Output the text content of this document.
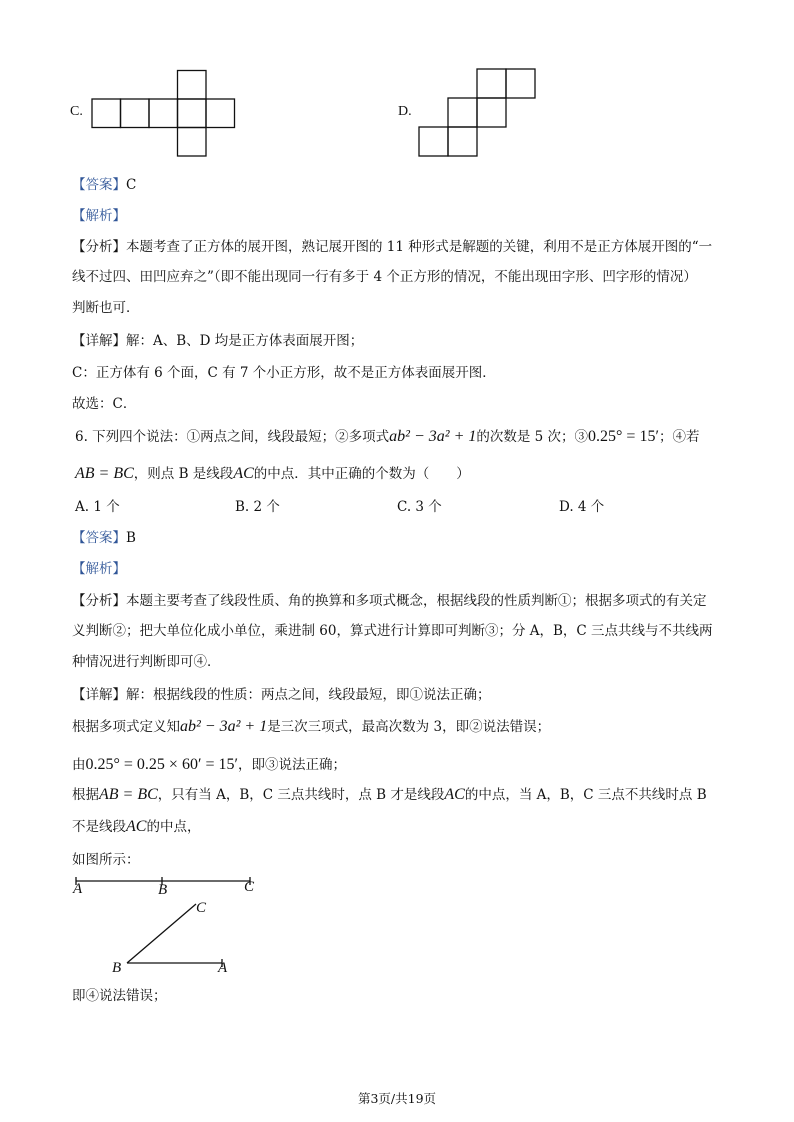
C.	D.
【答案】C
【解析】
【分析】本题考查了正方体的展开图，熟记展开图的 11 种形式是解题的关键，利用不是正方体展开图的“一
线不过四、田凹应弃之”（即不能出现同一行有多于 4 个正方形的情况，不能出现田字形、凹字形的情况）
判断也可．
【详解】解：A、B、D 均是正方体表面展开图；
C：正方体有 6 个面，C 有 7 个小正方形，故不是正方体表面展开图．
故选：C．
6. 下列四个说法：①两点之间，线段最短；②多项式ab² − 3a² + 1的次数是 5 次；③0.25° = 15′；④若
AB = BC，则点 B 是线段AC的中点．其中正确的个数为（　　）
A. 1 个	B. 2 个	C. 3 个	D. 4 个
【答案】B
【解析】
【分析】本题主要考查了线段性质、角的换算和多项式概念，根据线段的性质判断①；根据多项式的有关定
义判断②；把大单位化成小单位，乘进制 60，算式进行计算即可判断③；分 A，B，C 三点共线与不共线两
种情况进行判断即可④．
【详解】解：根据线段的性质：两点之间，线段最短，即①说法正确；
根据多项式定义知ab² − 3a² + 1是三次三项式，最高次数为 3，即②说法错误；
由0.25° = 0.25 × 60′ = 15′，即③说法正确；
根据AB = BC，只有当 A，B，C 三点共线时，点 B 才是线段AC的中点，当 A，B，C 三点不共线时点 B
不是线段AC的中点，
如图所示：
A	B	C
C
B	A
即④说法错误；
第3页/共19页
